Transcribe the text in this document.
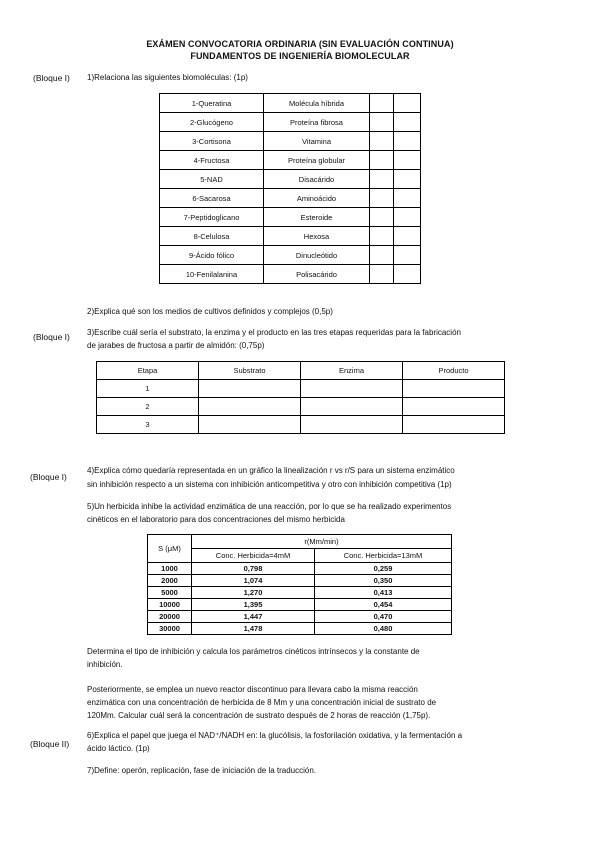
EXÁMEN CONVOCATORIA ORDINARIA (SIN EVALUACIÓN CONTINUA)
FUNDAMENTOS DE INGENIERÍA BIOMOLECULAR
(Bloque I) 1)Relaciona las siguientes biomoléculas: (1p)
1-Queratina	Molécula híbrida		
2-Glucógeno	Proteína fibrosa		
3-Cortisona	Vitamina		
4-Fructosa	Proteína globular		
5-NAD	Disacárido		
6-Sacarosa	Aminoácido		
7-Peptidoglicano	Esteroide		
8-Celulosa	Hexosa		
9-Ácido fólico	Dinucleótido		
10-Fenilalanina	Polisacárido		
2)Explica qué son los medios de cultivos definidos y complejos (0,5p)
(Bloque I) 3)Escribe cuál sería el substrato, la enzima y el producto en las tres etapas requeridas para la fabricación
de jarabes de fructosa a partir de almidón: (0,75p)
Etapa	Substrato	Enzima	Producto
1			
2			
3			
(Bloque I)
4)Explica cómo quedaría representada en un gráfico la linealización r vs r/S para un sistema enzimático
sin inhibición respecto a un sistema con inhibición anticompetitiva y otro con inhibición competitiva (1p)
5)Un herbicida inhibe la actividad enzimática de una reacción, por lo que se ha realizado experimentos
cinéticos en el laboratorio para dos concentraciones del mismo herbicida
S (μM)	r(Mm/min)	
	Conc. Herbicida=4mM	Conc. Herbicida=13mM
1000	0,798	0,259
2000	1,074	0,350
5000	1,270	0,413
10000	1,395	0,454
20000	1,447	0,470
30000	1,478	0,480
Determina el tipo de inhibición y calcula los parámetros cinéticos intrínsecos y la constante de
inhibición.
Posteriormente, se emplea un nuevo reactor discontinuo para llevara cabo la misma reacción
enzimática con una concentración de herbicida de 8 Mm y una concentración inicial de sustrato de
120Mm. Calcular cuál será la concentración de sustrato después de 2 horas de reacción (1,75p).
(Bloque II)
6)Explica el papel que juega el NAD⁺/NADH en: la glucólisis, la fosforilación oxidativa, y la fermentación a
ácido láctico. (1p)
7)Define: operón, replicación, fase de iniciación de la traducción.
